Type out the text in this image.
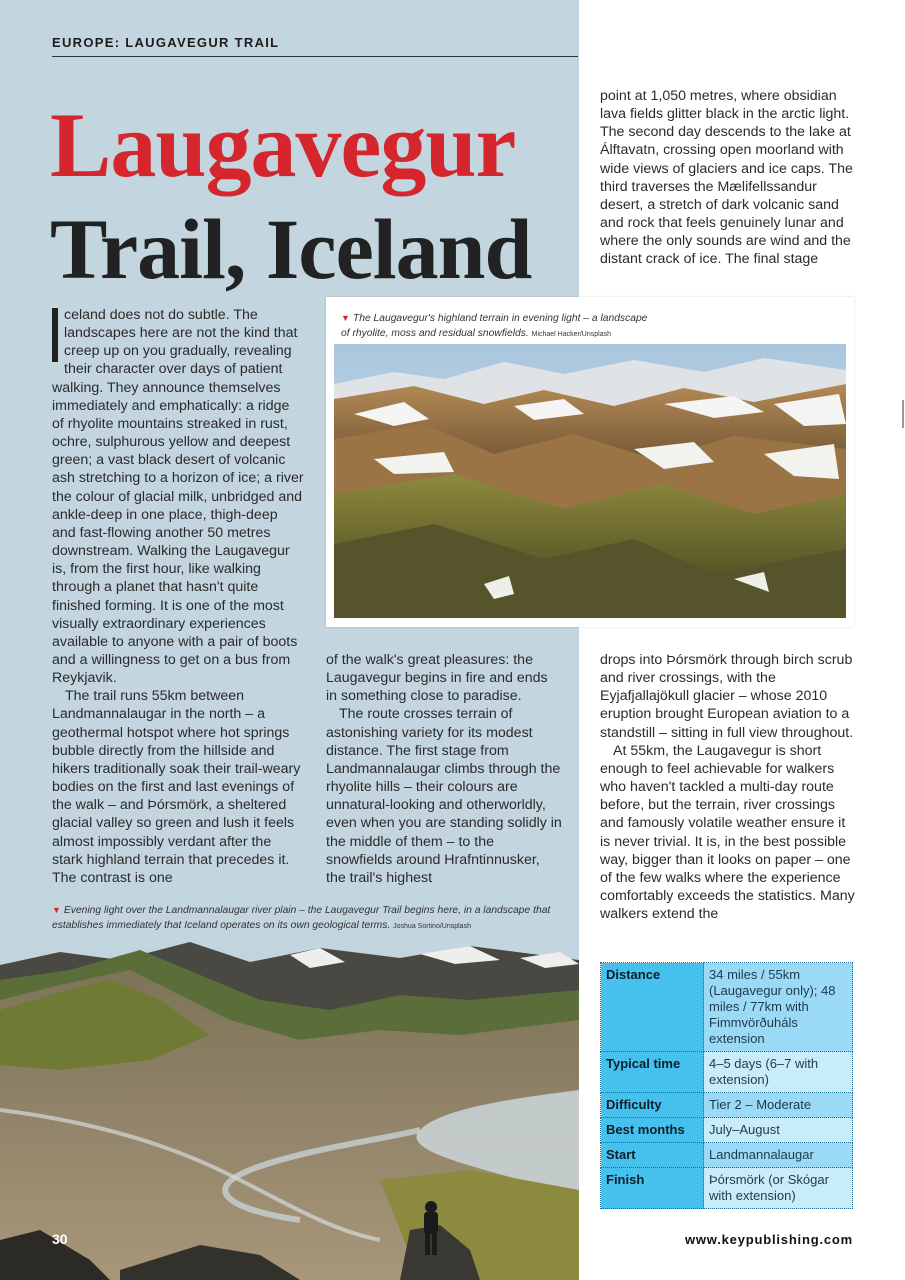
EUROPE: LAUGAVEGUR TRAIL
Laugavegur
Trail, Iceland

point at 1,050 metres, where obsidian lava fields glitter black in the arctic light. The second day descends to the lake at Álftavatn, crossing open moorland with wide views of glaciers and ice caps. The third traverses the Mælifellssandur desert, a stretch of dark volcanic sand and rock that feels genuinely lunar and where the only sounds are wind and the distant crack of ice. The final stage

celand does not do subtle. The landscapes here are not the kind that creep up on you gradually, revealing their character over days of patient walking. They announce themselves immediately and emphatically: a ridge of rhyolite mountains streaked in rust, ochre, sulphurous yellow and deepest green; a vast black desert of volcanic ash stretching to a horizon of ice; a river the colour of glacial milk, unbridged and ankle-deep in one place, thigh-deep and fast-flowing another 50 metres downstream. Walking the Laugavegur is, from the first hour, like walking through a planet that hasn't quite finished forming. It is one of the most visually extraordinary experiences available to anyone with a pair of boots and a willingness to get on a bus from Reykjavik.

The trail runs 55km between Landmannalaugar in the north – a geothermal hotspot where hot springs bubble directly from the hillside and hikers traditionally soak their trail-weary bodies on the first and last evenings of the walk – and Þórsmörk, a sheltered glacial valley so green and lush it feels almost impossibly verdant after the stark highland terrain that precedes it. The contrast is one

▼ The Laugavegur's highland terrain in evening light – a landscape of rhyolite, moss and residual snowfields. Michael Hacker/Unsplash

of the walk's great pleasures: the Laugavegur begins in fire and ends in something close to paradise.

The route crosses terrain of astonishing variety for its modest distance. The first stage from Landmannalaugar climbs through the rhyolite hills – their colours are unnatural-looking and otherworldly, even when you are standing solidly in the middle of them – to the snowfields around Hrafntinnusker, the trail's highest

drops into Þórsmörk through birch scrub and river crossings, with the Eyjafjallajökull glacier – whose 2010 eruption brought European aviation to a standstill – sitting in full view throughout.

At 55km, the Laugavegur is short enough to feel achievable for walkers who haven't tackled a multi-day route before, but the terrain, river crossings and famously volatile weather ensure it is never trivial. It is, in the best possible way, bigger than it looks on paper – one of the few walks where the experience comfortably exceeds the statistics. Many walkers extend the

▼ Evening light over the Landmannalaugar river plain – the Laugavegur Trail begins here, in a landscape that establishes immediately that Iceland operates on its own geological terms. Joshua Sortino/Unsplash
Distance	34 miles / 55km (Laugavegur only); 48 miles / 77km with Fimmvörðuháls extension
Typical time	4–5 days (6–7 with extension)
Difficulty	Tier 2 – Moderate
Best months	July–August
Start	Landmannalaugar
Finish	Þórsmörk (or Skógar with extension)
30	www.keypublishing.com
